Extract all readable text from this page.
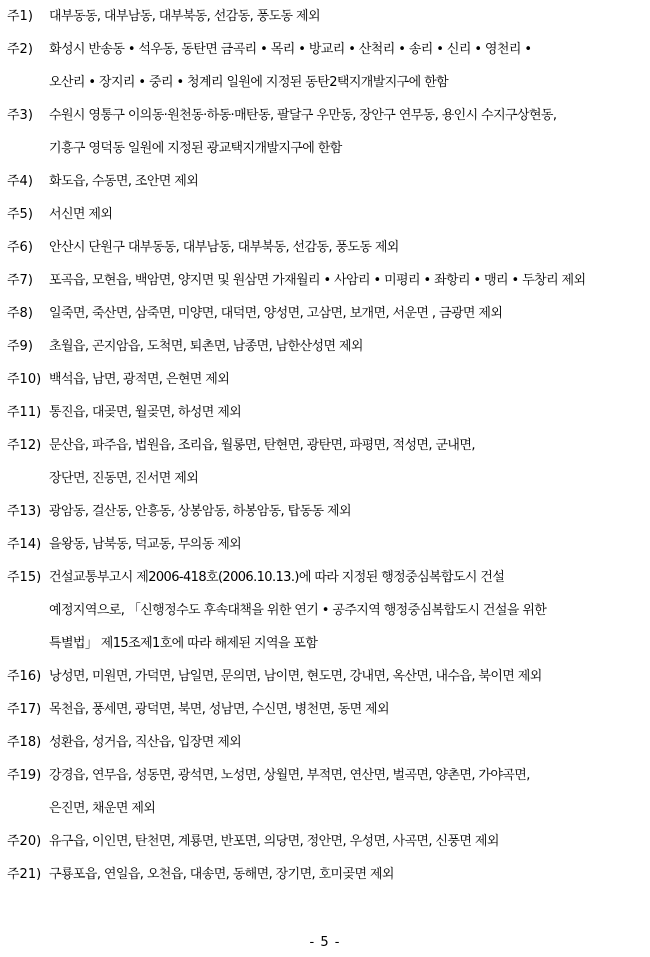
주1)	대부동동, 대부남동, 대부북동, 선감동, 풍도동 제외
주2)	화성시 반송동 • 석우동, 동탄면 금곡리 • 목리 • 방교리 • 산척리 • 송리 • 신리 • 영천리 •
오산리 • 장지리 • 중리 • 청계리 일원에 지정된 동탄2택지개발지구에 한함
주3)	수원시 영통구 이의동·원천동·하동·매탄동, 팔달구 우만동, 장안구 연무동, 용인시 수지구상현동,
기흥구 영덕동 일원에 지정된 광교택지개발지구에 한함
주4)	화도읍, 수동면, 조안면 제외
주5)	서신면 제외
주6)	안산시 단원구 대부동동, 대부남동, 대부북동, 선감동, 풍도동 제외
주7)	포곡읍, 모현읍, 백암면, 양지면 및 원삼면 가재월리 • 사암리 • 미평리 • 좌항리 • 맹리 • 두창리 제외
주8)	일죽면, 죽산면, 삼죽면, 미양면, 대덕면, 양성면, 고삼면, 보개면, 서운면 , 금광면 제외
주9)	초월읍, 곤지암읍, 도척면, 퇴촌면, 남종면, 남한산성면 제외
주10) 백석읍, 남면, 광적면, 은현면 제외
주11) 통진읍, 대곶면, 월곶면, 하성면 제외
주12) 문산읍, 파주읍, 법원읍, 조리읍, 월롱면, 탄현면, 광탄면, 파평면, 적성면, 군내면,
장단면, 진동면, 진서면 제외
주13) 광암동, 걸산동, 안흥동, 상봉암동, 하봉암동, 탑동동 제외
주14) 을왕동, 남북동, 덕교동, 무의동 제외
주15) 건설교통부고시 제2006-418호(2006.10.13.)에 따라 지정된 행정중심복합도시 건설
예정지역으로, 「신행정수도 후속대책을 위한 연기 • 공주지역 행정중심복합도시 건설을 위한
특별법」 제15조제1호에 따라 해제된 지역을 포함
주16) 낭성면, 미원면, 가덕면, 남일면, 문의면, 남이면, 현도면, 강내면, 옥산면, 내수읍, 북이면 제외
주17) 목천읍, 풍세면, 광덕면, 북면, 성남면, 수신면, 병천면, 동면 제외
주18) 성환읍, 성거읍, 직산읍, 입장면 제외
주19) 강경읍, 연무읍, 성동면, 광석면, 노성면, 상월면, 부적면, 연산면, 벌곡면, 양촌면, 가야곡면,
은진면, 채운면 제외
주20) 유구읍, 이인면, 탄천면, 계룡면, 반포면, 의당면, 정안면, 우성면, 사곡면, 신풍면 제외
주21) 구룡포읍, 연일읍, 오천읍, 대송면, 동해면, 장기면, 호미곶면 제외
- 5 -
